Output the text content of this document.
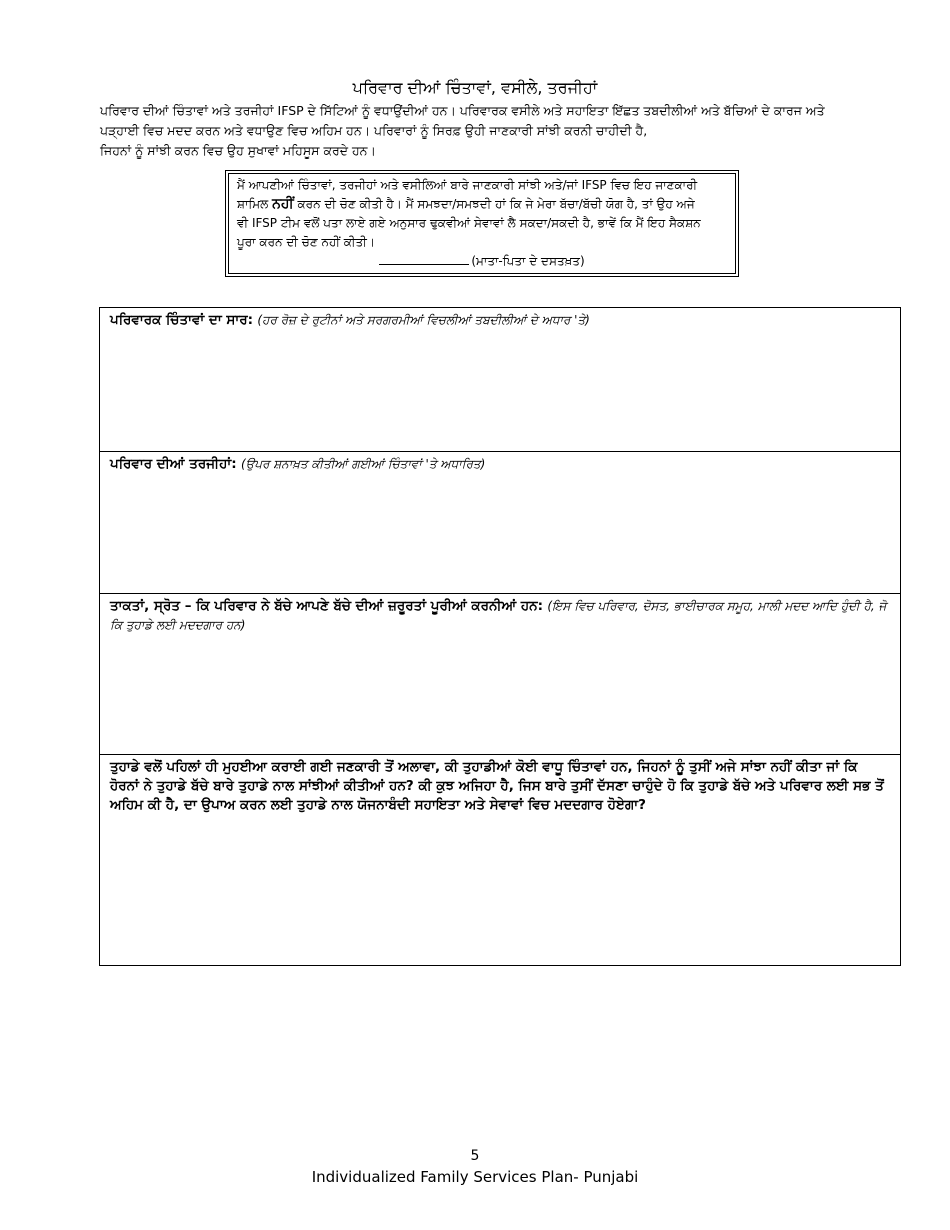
ਪਰਿਵਾਰ ਦੀਆਂ ਚਿੰਤਾਵਾਂ, ਵਸੀਲੇ, ਤਰਜੀਹਾਂ
ਪਰਿਵਾਰ ਦੀਆਂ ਚਿੰਤਾਵਾਂ ਅਤੇ ਤਰਜੀਹਾਂ IFSP ਦੇ ਸਿੱਟਿਆਂ ਨੂੰ ਵਧਾਉਂਦੀਆਂ ਹਨ। ਪਰਿਵਾਰਕ ਵਸੀਲੇ ਅਤੇ ਸਹਾਇਤਾ ਇੱਛਤ ਤਬਦੀਲੀਆਂ ਅਤੇ ਬੱਚਿਆਂ ਦੇ ਕਾਰਜ ਅਤੇ
ਪੜ੍ਹਾਈ ਵਿਚ ਮਦਦ ਕਰਨ ਅਤੇ ਵਧਾਉਣ ਵਿਚ ਅਹਿਮ ਹਨ। ਪਰਿਵਾਰਾਂ ਨੂੰ ਸਿਰਫ਼ ਉਹੀ ਜਾਣਕਾਰੀ ਸਾਂਝੀ ਕਰਨੀ ਚਾਹੀਦੀ ਹੈ,
ਜਿਹਨਾਂ ਨੂੰ ਸਾਂਝੀ ਕਰਨ ਵਿਚ ਉਹ ਸੁਖਾਵਾਂ ਮਹਿਸੂਸ ਕਰਦੇ ਹਨ।
ਮੈਂ ਆਪਣੀਆਂ ਚਿੰਤਾਵਾਂ, ਤਰਜੀਹਾਂ ਅਤੇ ਵਸੀਲਿਆਂ ਬਾਰੇ ਜਾਣਕਾਰੀ ਸਾਂਝੀ ਅਤੇ/ਜਾਂ IFSP ਵਿਚ ਇਹ ਜਾਣਕਾਰੀ
ਸ਼ਾਮਿਲ ਨਹੀਂ ਕਰਨ ਦੀ ਚੋਣ ਕੀਤੀ ਹੈ। ਮੈਂ ਸਮਝਦਾ/ਸਮਝਦੀ ਹਾਂ ਕਿ ਜੇ ਮੇਰਾ ਬੱਚਾ/ਬੱਚੀ ਯੋਗ ਹੈ, ਤਾਂ ਉਹ ਅਜੇ
ਵੀ IFSP ਟੀਮ ਵਲੋਂ ਪਤਾ ਲਾਏ ਗਏ ਅਨੁਸਾਰ ਢੁਕਵੀਆਂ ਸੇਵਾਵਾਂ ਲੈ ਸਕਦਾ/ਸਕਦੀ ਹੈ, ਭਾਵੇਂ ਕਿ ਮੈਂ ਇਹ ਸੈਕਸ਼ਨ
ਪੂਰਾ ਕਰਨ ਦੀ ਚੋਣ ਨਹੀਂ ਕੀਤੀ।
(ਮਾਤਾ-ਪਿਤਾ ਦੇ ਦਸਤਖ਼ਤ)
ਪਰਿਵਾਰਕ ਚਿੰਤਾਵਾਂ ਦਾ ਸਾਰ: (ਹਰ ਰੋਜ਼ ਦੇ ਰੁਟੀਨਾਂ ਅਤੇ ਸਰਗਰਮੀਆਂ ਵਿਚਲੀਆਂ ਤਬਦੀਲੀਆਂ ਦੇ ਅਧਾਰ 'ਤੇ)
ਪਰਿਵਾਰ ਦੀਆਂ ਤਰਜੀਹਾਂ: (ਉਪਰ ਸ਼ਨਾਖ਼ਤ ਕੀਤੀਆਂ ਗਈਆਂ ਚਿੰਤਾਵਾਂ 'ਤੇ ਅਧਾਰਿਤ)
ਤਾਕਤਾਂ, ਸ੍ਰੋਤ – ਕਿ ਪਰਿਵਾਰ ਨੇ ਬੱਚੇ ਆਪਣੇ ਬੱਚੇ ਦੀਆਂ ਜ਼ਰੂਰਤਾਂ ਪੂਰੀਆਂ ਕਰਨੀਆਂ ਹਨ: (ਇਸ ਵਿਚ ਪਰਿਵਾਰ, ਦੋਸਤ, ਭਾਈਚਾਰਕ ਸਮੂਹ, ਮਾਲੀ ਮਦਦ ਆਦਿ ਹੁੰਦੀ ਹੈ, ਜੋ ਕਿ ਤੁਹਾਡੇ ਲਈ ਮਦਦਗਾਰ ਹਨ)
ਤੁਹਾਡੇ ਵਲੋਂ ਪਹਿਲਾਂ ਹੀ ਮੁਹਈਆ ਕਰਾਈ ਗਈ ਜਣਕਾਰੀ ਤੋਂ ਅਲਾਵਾ, ਕੀ ਤੁਹਾਡੀਆਂ ਕੋਈ ਵਾਧੂ ਚਿੰਤਾਵਾਂ ਹਨ, ਜਿਹਨਾਂ ਨੂੰ ਤੁਸੀਂ ਅਜੇ ਸਾਂਝਾ ਨਹੀਂ ਕੀਤਾ ਜਾਂ ਕਿ ਹੋਰਨਾਂ ਨੇ ਤੁਹਾਡੇ ਬੱਚੇ ਬਾਰੇ ਤੁਹਾਡੇ ਨਾਲ ਸਾਂਝੀਆਂ ਕੀਤੀਆਂ ਹਨ? ਕੀ ਕੁਝ ਅਜਿਹਾ ਹੈ, ਜਿਸ ਬਾਰੇ ਤੁਸੀਂ ਦੱਸਣਾ ਚਾਹੁੰਦੇ ਹੋ ਕਿ ਤੁਹਾਡੇ ਬੱਚੇ ਅਤੇ ਪਰਿਵਾਰ ਲਈ ਸਭ ਤੋਂ ਅਹਿਮ ਕੀ ਹੈ, ਦਾ ਉਪਾਅ ਕਰਨ ਲਈ ਤੁਹਾਡੇ ਨਾਲ ਯੋਜਨਾਬੰਦੀ ਸਹਾਇਤਾ ਅਤੇ ਸੇਵਾਵਾਂ ਵਿਚ ਮਦਦਗਾਰ ਹੋਏਗਾ?
5
Individualized Family Services Plan- Punjabi
